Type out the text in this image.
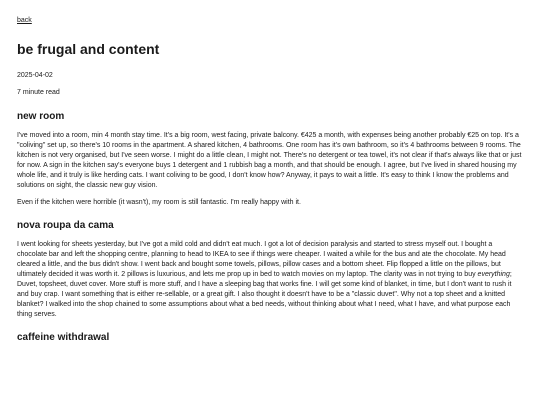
back
be frugal and content
2025-04-02
7 minute read
new room

I've moved into a room, min 4 month stay time. It's a big room, west facing, private balcony. €425 a month, with expenses being another probably €25 on top. It's a "coliving" set up, so there's 10 rooms in the apartment. A shared kitchen, 4 bathrooms. One room has it's own bathroom, so it's 4 bathrooms between 9 rooms. The kitchen is not very organised, but I've seen worse. I might do a little clean, I might not. There's no detergent or tea towel, it's not clear if that's always like that or just for now. A sign in the kitchen say's everyone buys 1 detergent and 1 rubbish bag a month, and that should be enough. I agree, but I've lived in shared housing my whole life, and it truly is like herding cats. I want coliving to be good, I don't know how? Anyway, it pays to wait a little. It's easy to think I know the problems and solutions on sight, the classic new guy vision.

Even if the kitchen were horrible (it wasn't), my room is still fantastic. I'm really happy with it.

nova roupa da cama

I went looking for sheets yesterday, but I've got a mild cold and didn't eat much. I got a lot of decision paralysis and started to stress myself out. I bought a chocolate bar and left the shopping centre, planning to head to IKEA to see if things were cheaper. I waited a while for the bus and ate the chocolate. My head cleared a little, and the bus didn't show. I went back and bought some towels, pillows, pillow cases and a bottom sheet. Flip flopped a little on the pillows, but ultimately decided it was worth it. 2 pillows is luxurious, and lets me prop up in bed to watch movies on my laptop. The clarity was in not trying to buy everything; Duvet, topsheet, duvet cover. More stuff is more stuff, and I have a sleeping bag that works fine. I will get some kind of blanket, in time, but I don't want to rush it and buy crap. I want something that is either re-sellable, or a great gift. I also thought it doesn't have to be a "classic duvet". Why not a top sheet and a knitted blanket? I walked into the shop chained to some assumptions about what a bed needs, without thinking about what I need, what I have, and what purpose each thing serves.

caffeine withdrawal
